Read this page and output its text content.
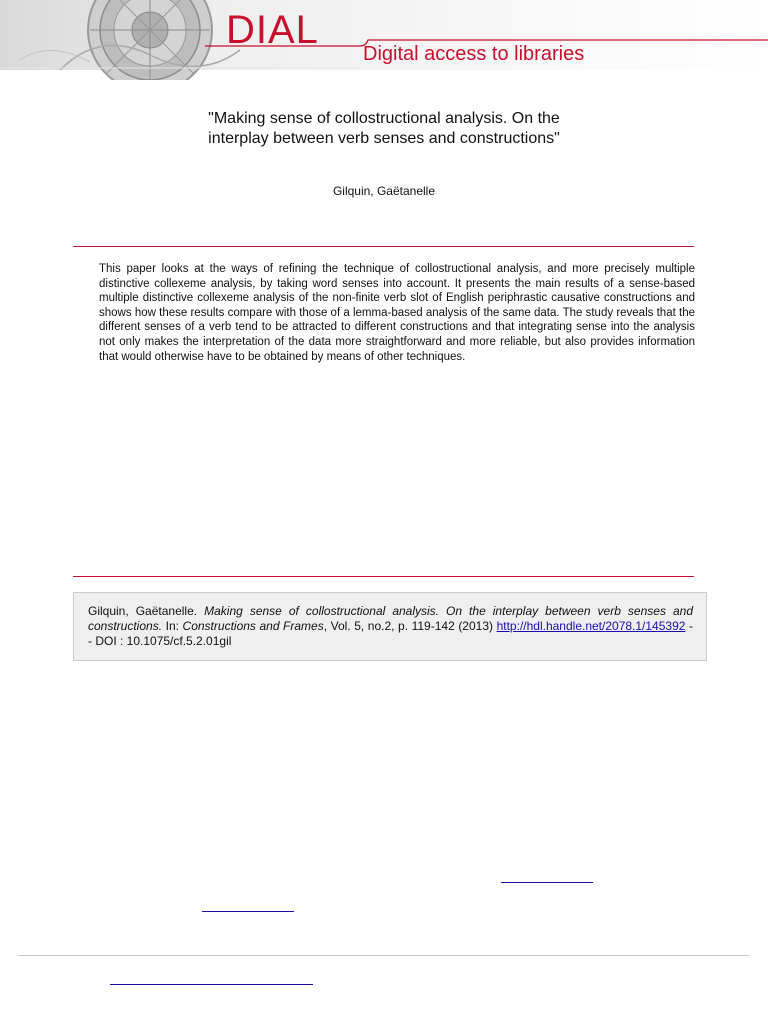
DIAL
Digital access to libraries
"Making sense of collostructional analysis. On the
interplay between verb senses and constructions"
Gilquin, Gaëtanelle
This paper looks at the ways of refining the technique of collostructional analysis, and more precisely multiple distinctive collexeme analysis, by taking word senses into account. It presents the main results of a sense-based multiple distinctive collexeme analysis of the non-finite verb slot of English periphrastic causative constructions and shows how these results compare with those of a lemma-based analysis of the same data. The study reveals that the different senses of a verb tend to be attracted to different constructions and that integrating sense into the analysis not only makes the interpretation of the data more straightforward and more reliable, but also provides information that would otherwise have to be obtained by means of other techniques.
Gilquin, Gaëtanelle. Making sense of collostructional analysis. On the interplay between verb senses and constructions. In: Constructions and Frames, Vol. 5, no.2, p. 119-142 (2013) http://hdl.handle.net/2078.1/145392 -- DOI : 10.1075/cf.5.2.01gil
